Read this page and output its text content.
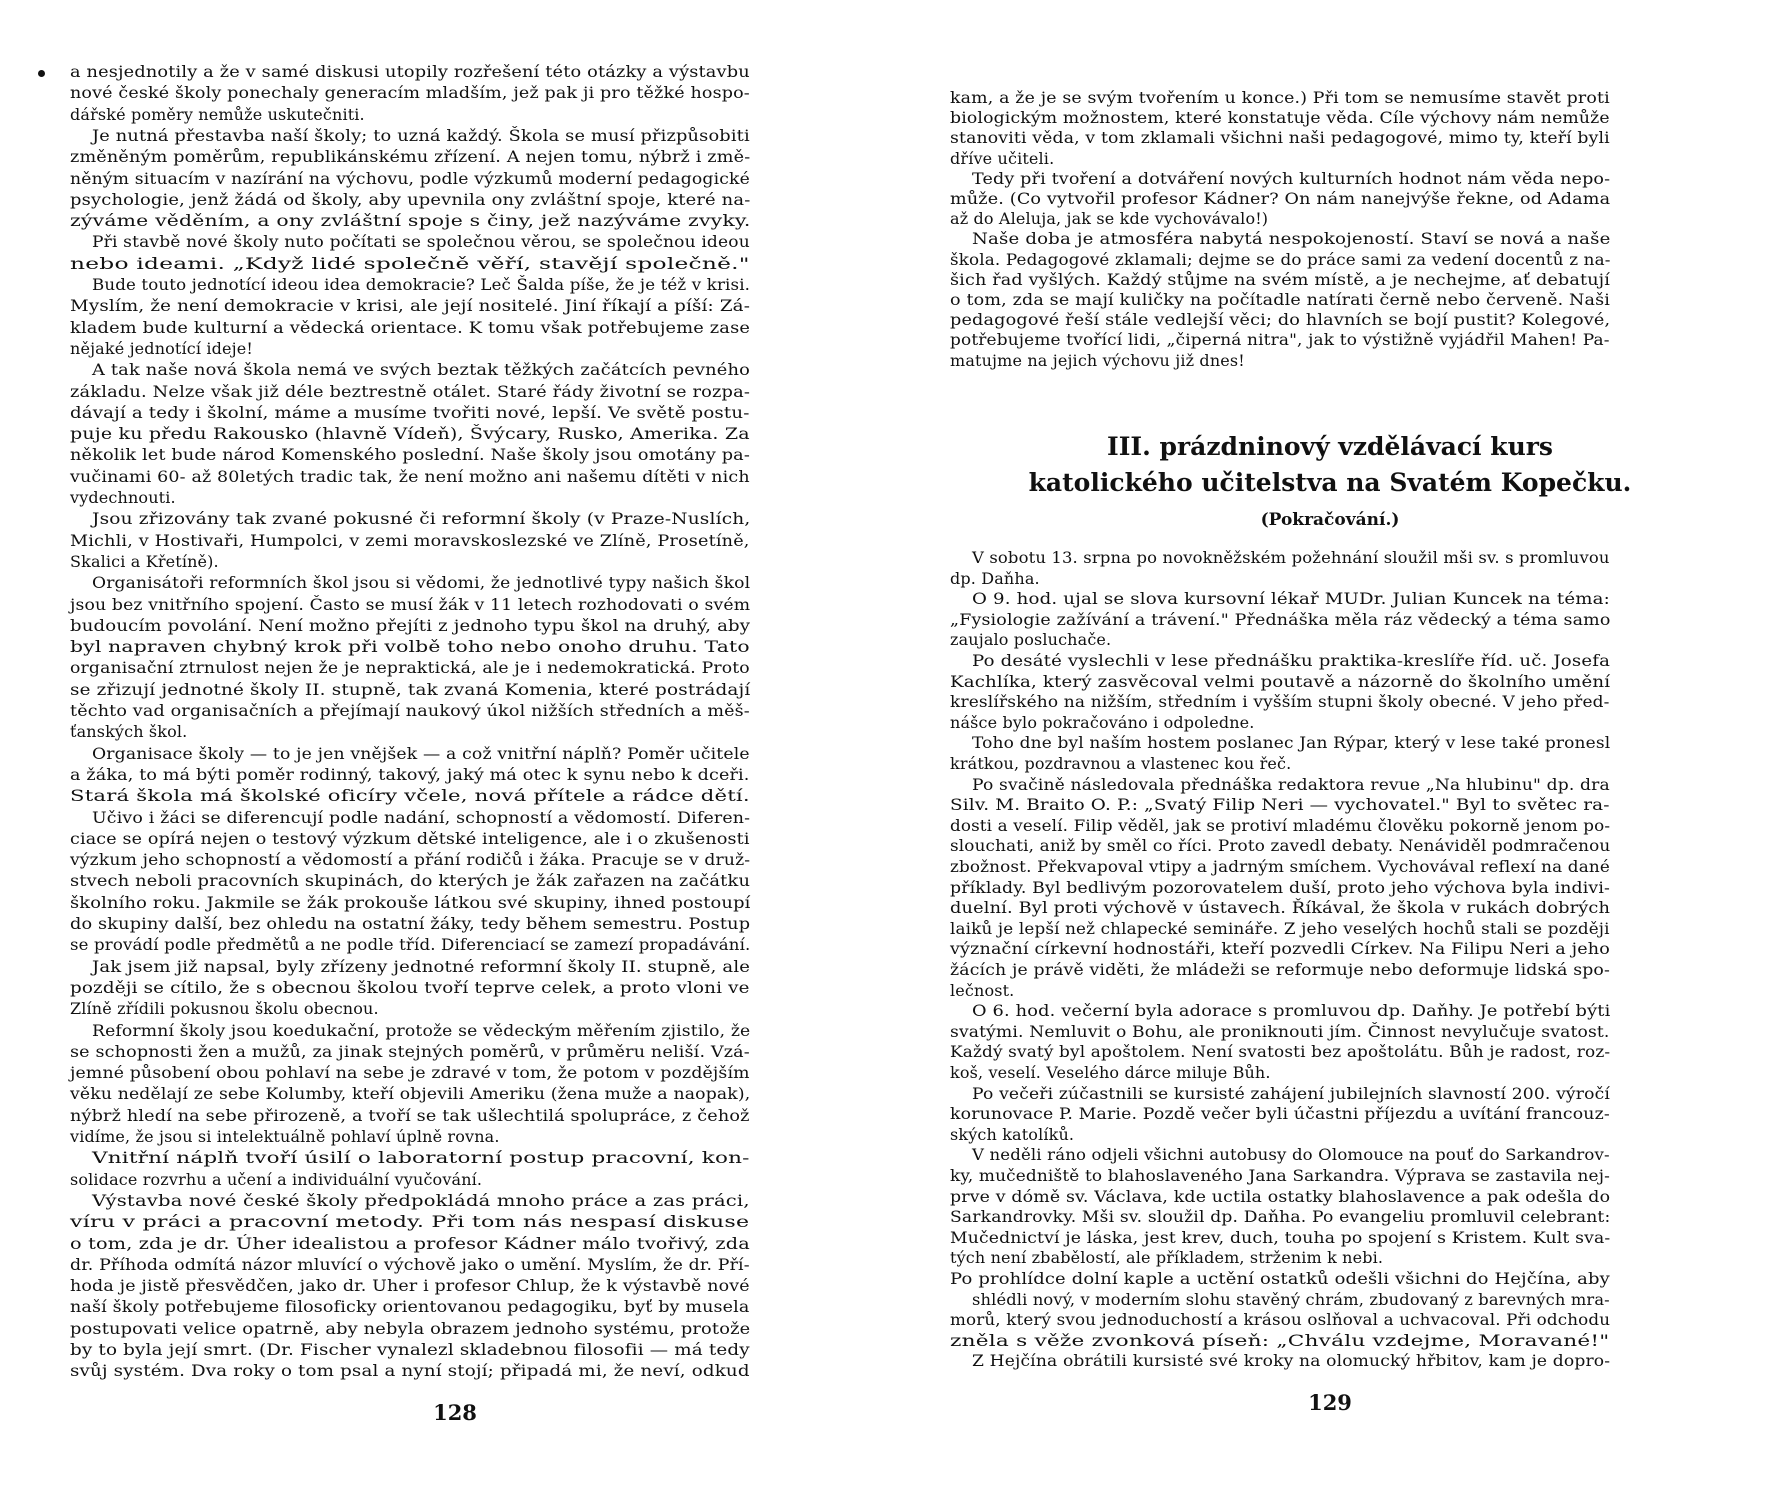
a nesjednotily a že v samé diskusi utopily rozřešení této otázky a výstavbu
nové české školy ponechaly generacím mladším, jež pak ji pro těžké hospo-
dářské poměry nemůže uskutečniti.
Je nutná přestavba naší školy; to uzná každý. Škola se musí přizpůsobiti
změněným poměrům, republikánskému zřízení. A nejen tomu, nýbrž i změ-
něným situacím v nazírání na výchovu, podle výzkumů moderní pedagogické
psychologie, jenž žádá od školy, aby upevnila ony zvláštní spoje, které na-
zýváme věděním, a ony zvláštní spoje s činy, jež nazýváme zvyky.
Při stavbě nové školy nuto počítati se společnou věrou, se společnou ideou
nebo ideami. „Když lidé společně věří, stavějí společně."
Bude touto jednotící ideou idea demokracie? Leč Šalda píše, že je též v krisi.
Myslím, že není demokracie v krisi, ale její nositelé. Jiní říkají a píší: Zá-
kladem bude kulturní a vědecká orientace. K tomu však potřebujeme zase
nějaké jednotící ideje!
A tak naše nová škola nemá ve svých beztak těžkých začátcích pevného
základu. Nelze však již déle beztrestně otálet. Staré řády životní se rozpa-
dávají a tedy i školní, máme a musíme tvořiti nové, lepší. Ve světě postu-
puje ku předu Rakousko (hlavně Vídeň), Švýcary, Rusko, Amerika. Za
několik let bude národ Komenského poslední. Naše školy jsou omotány pa-
vučinami 60- až 80letých tradic tak, že není možno ani našemu dítěti v nich
vydechnouti.
Jsou zřizovány tak zvané pokusné či reformní školy (v Praze-Nuslích,
Michli, v Hostivaři, Humpolci, v zemi moravskoslezské ve Zlíně, Prosetíně,
Skalici a Křetíně).
Organisátoři reformních škol jsou si vědomi, že jednotlivé typy našich škol
jsou bez vnitřního spojení. Často se musí žák v 11 letech rozhodovati o svém
budoucím povolání. Není možno přejíti z jednoho typu škol na druhý, aby
byl napraven chybný krok při volbě toho nebo onoho druhu. Tato
organisační ztrnulost nejen že je nepraktická, ale je i nedemokratická. Proto
se zřizují jednotné školy II. stupně, tak zvaná Komenia, které postrádají
těchto vad organisačních a přejímají naukový úkol nižších středních a měš-
ťanských škol.
Organisace školy — to je jen vnějšek — a což vnitřní náplň? Poměr učitele
a žáka, to má býti poměr rodinný, takový, jaký má otec k synu nebo k dceři.
Stará škola má školské oficíry včele, nová přítele a rádce dětí.
Učivo i žáci se diferencují podle nadání, schopností a vědomostí. Diferen-
ciace se opírá nejen o testový výzkum dětské inteligence, ale i o zkušenosti
výzkum jeho schopností a vědomostí a přání rodičů i žáka. Pracuje se v druž-
stvech neboli pracovních skupinách, do kterých je žák zařazen na začátku
školního roku. Jakmile se žák prokouše látkou své skupiny, ihned postoupí
do skupiny další, bez ohledu na ostatní žáky, tedy během semestru. Postup
se provádí podle předmětů a ne podle tříd. Diferenciací se zamezí propadávání.
Jak jsem již napsal, byly zřízeny jednotné reformní školy II. stupně, ale
později se cítilo, že s obecnou školou tvoří teprve celek, a proto vloni ve
Zlíně zřídili pokusnou školu obecnou.
Reformní školy jsou koedukační, protože se vědeckým měřením zjistilo, že
se schopnosti žen a mužů, za jinak stejných poměrů, v průměru neliší. Vzá-
jemné působení obou pohlaví na sebe je zdravé v tom, že potom v pozdějším
věku nedělají ze sebe Kolumby, kteří objevili Ameriku (žena muže a naopak),
nýbrž hledí na sebe přirozeně, a tvoří se tak ušlechtilá spolupráce, z čehož
vidíme, že jsou si intelektuálně pohlaví úplně rovna.
Vnitřní náplň tvoří úsilí o laboratorní postup pracovní, kon-
solidace rozvrhu a učení a individuální vyučování.
Výstavba nové české školy předpokládá mnoho práce a zas práci,
víru v práci a pracovní metody. Při tom nás nespasí diskuse
o tom, zda je dr. Úher idealistou a profesor Kádner málo tvořivý, zda
dr. Příhoda odmítá názor mluvící o výchově jako o umění. Myslím, že dr. Pří-
hoda je jistě přesvědčen, jako dr. Uher i profesor Chlup, že k výstavbě nové
naší školy potřebujeme filosoficky orientovanou pedagogiku, byť by musela
postupovati velice opatrně, aby nebyla obrazem jednoho systému, protože
by to byla její smrt. (Dr. Fischer vynalezl skladebnou filosofii — má tedy
svůj systém. Dva roky o tom psal a nyní stojí; připadá mi, že neví, odkud
128
kam, a že je se svým tvořením u konce.) Při tom se nemusíme stavět proti
biologickým možnostem, které konstatuje věda. Cíle výchovy nám nemůže
stanoviti věda, v tom zklamali všichni naši pedagogové, mimo ty, kteří byli
dříve učiteli.
Tedy při tvoření a dotváření nových kulturních hodnot nám věda nepo-
může. (Co vytvořil profesor Kádner? On nám nanejvýše řekne, od Adama
až do Aleluja, jak se kde vychovávalo!)
Naše doba je atmosféra nabytá nespokojeností. Staví se nová a naše
škola. Pedagogové zklamali; dejme se do práce sami za vedení docentů z na-
šich řad vyšlých. Každý stůjme na svém místě, a je nechejme, ať debatují
o tom, zda se mají kuličky na počítadle natírati černě nebo červeně. Naši
pedagogové řeší stále vedlejší věci; do hlavních se bojí pustit? Kolegové,
potřebujeme tvořící lidi, „čiperná nitra", jak to výstižně vyjádřil Mahen! Pa-
matujme na jejich výchovu již dnes!
III. prázdninový vzdělávací kurs
katolického učitelstva na Svatém Kopečku.
(Pokračování.)
V sobotu 13. srpna po novokněžském požehnání sloužil mši sv. s promluvou
dp. Daňha.
O 9. hod. ujal se slova kursovní lékař MUDr. Julian Kuncek na téma:
„Fysiologie zažívání a trávení." Přednáška měla ráz vědecký a téma samo
zaujalo posluchače.
Po desáté vyslechli v lese přednášku praktika-kreslíře říd. uč. Josefa
Kachlíka, který zasvěcoval velmi poutavě a názorně do školního umění
kreslířského na nižším, středním i vyšším stupni školy obecné. V jeho před-
nášce bylo pokračováno i odpoledne.
Toho dne byl naším hostem poslanec Jan Rýpar, který v lese také pronesl
krátkou, pozdravnou a vlastenec kou řeč.
Po svačině následovala přednáška redaktora revue „Na hlubinu" dp. dra
Silv. M. Braito O. P.: „Svatý Filip Neri — vychovatel." Byl to světec ra-
dosti a veselí. Filip věděl, jak se protiví mladému člověku pokorně jenom po-
slouchati, aniž by směl co říci. Proto zavedl debaty. Nenáviděl podmračenou
zbožnost. Překvapoval vtipy a jadrným smíchem. Vychovával reflexí na dané
příklady. Byl bedlivým pozorovatelem duší, proto jeho výchova byla indivi-
duelní. Byl proti výchově v ústavech. Říkával, že škola v rukách dobrých
laiků je lepší než chlapecké semináře. Z jeho veselých hochů stali se později
význační církevní hodnostáři, kteří pozvedli Církev. Na Filipu Neri a jeho
žácích je právě viděti, že mládeži se reformuje nebo deformuje lidská spo-
lečnost.
O 6. hod. večerní byla adorace s promluvou dp. Daňhy. Je potřebí býti
svatými. Nemluvit o Bohu, ale proniknouti jím. Činnost nevylučuje svatost.
Každý svatý byl apoštolem. Není svatosti bez apoštolátu. Bůh je radost, roz-
koš, veselí. Veselého dárce miluje Bůh.
Po večeři zúčastnili se kursisté zahájení jubilejních slavností 200. výročí
korunovace P. Marie. Pozdě večer byli účastni příjezdu a uvítání francouz-
ských katolíků.
V neděli ráno odjeli všichni autobusy do Olomouce na pouť do Sarkandrov-
ky, mučedniště to blahoslaveného Jana Sarkandra. Výprava se zastavila nej-
prve v dómě sv. Václava, kde uctila ostatky blahoslavence a pak odešla do
Sarkandrovky. Mši sv. sloužil dp. Daňha. Po evangeliu promluvil celebrant:
Mučednictví je láska, jest krev, duch, touha po spojení s Kristem. Kult sva-
tých není zbabělostí, ale příkladem, strženim k nebi.
Po prohlídce dolní kaple a uctění ostatků odešli všichni do Hejčína, aby
shlédli nový, v moderním slohu stavěný chrám, zbudovaný z barevných mra-
morů, který svou jednoduchostí a krásou oslňoval a uchvacoval. Při odchodu
zněla s věže zvonková píseň: „Chválu vzdejme, Moravané!"
Z Hejčína obrátili kursisté své kroky na olomucký hřbitov, kam je dopro-
129
